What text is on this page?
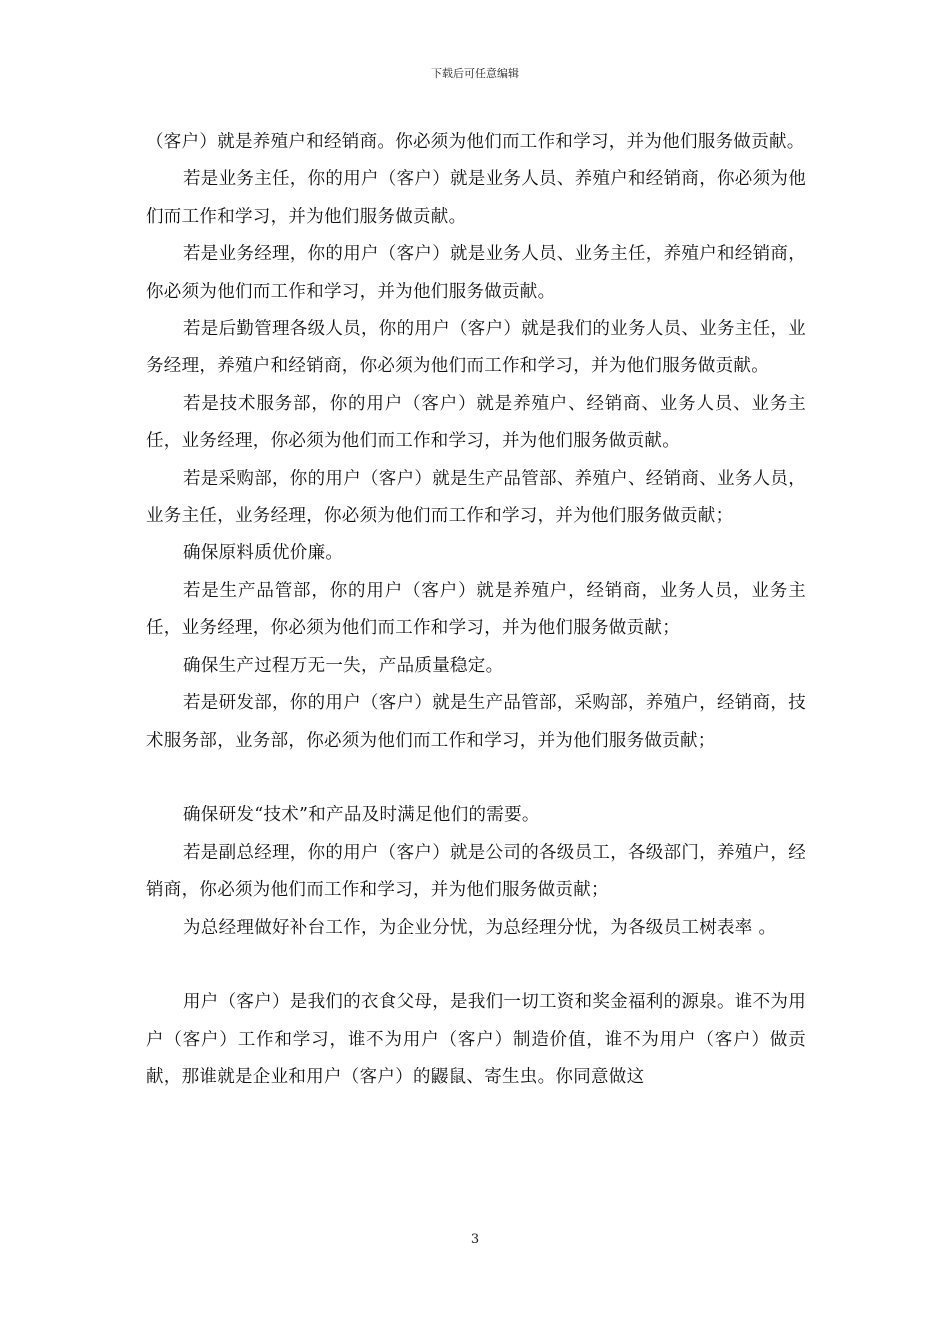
下载后可任意编辑

（客户）就是养殖户和经销商。你必须为他们而工作和学习，并为他们服务做贡献。

若是业务主任，你的用户（客户）就是业务人员、养殖户和经销商，你必须为他们而工作和学习，并为他们服务做贡献。

若是业务经理，你的用户（客户）就是业务人员、业务主任，养殖户和经销商，你必须为他们而工作和学习，并为他们服务做贡献。

若是后勤管理各级人员，你的用户（客户）就是我们的业务人员、业务主任，业务经理，养殖户和经销商，你必须为他们而工作和学习，并为他们服务做贡献。

若是技术服务部，你的用户（客户）就是养殖户、经销商、业务人员、业务主任，业务经理，你必须为他们而工作和学习，并为他们服务做贡献。

若是采购部，你的用户（客户）就是生产品管部、养殖户、经销商、业务人员，业务主任，业务经理，你必须为他们而工作和学习，并为他们服务做贡献；

确保原料质优价廉。

若是生产品管部，你的用户（客户）就是养殖户，经销商，业务人员，业务主任，业务经理，你必须为他们而工作和学习，并为他们服务做贡献；

确保生产过程万无一失，产品质量稳定。

若是研发部，你的用户（客户）就是生产品管部，采购部，养殖户，经销商，技术服务部，业务部，你必须为他们而工作和学习，并为他们服务做贡献；

确保研发“技术”和产品及时满足他们的需要。

若是副总经理，你的用户（客户）就是公司的各级员工，各级部门，养殖户，经销商，你必须为他们而工作和学习，并为他们服务做贡献；

为总经理做好补台工作，为企业分忧，为总经理分忧，为各级员工树表率 。

用户（客户）是我们的衣食父母，是我们一切工资和奖金福利的源泉。谁不为用户（客户）工作和学习，谁不为用户（客户）制造价值，谁不为用户（客户）做贡献，那谁就是企业和用户（客户）的鼹鼠、寄生虫。你同意做这

3
